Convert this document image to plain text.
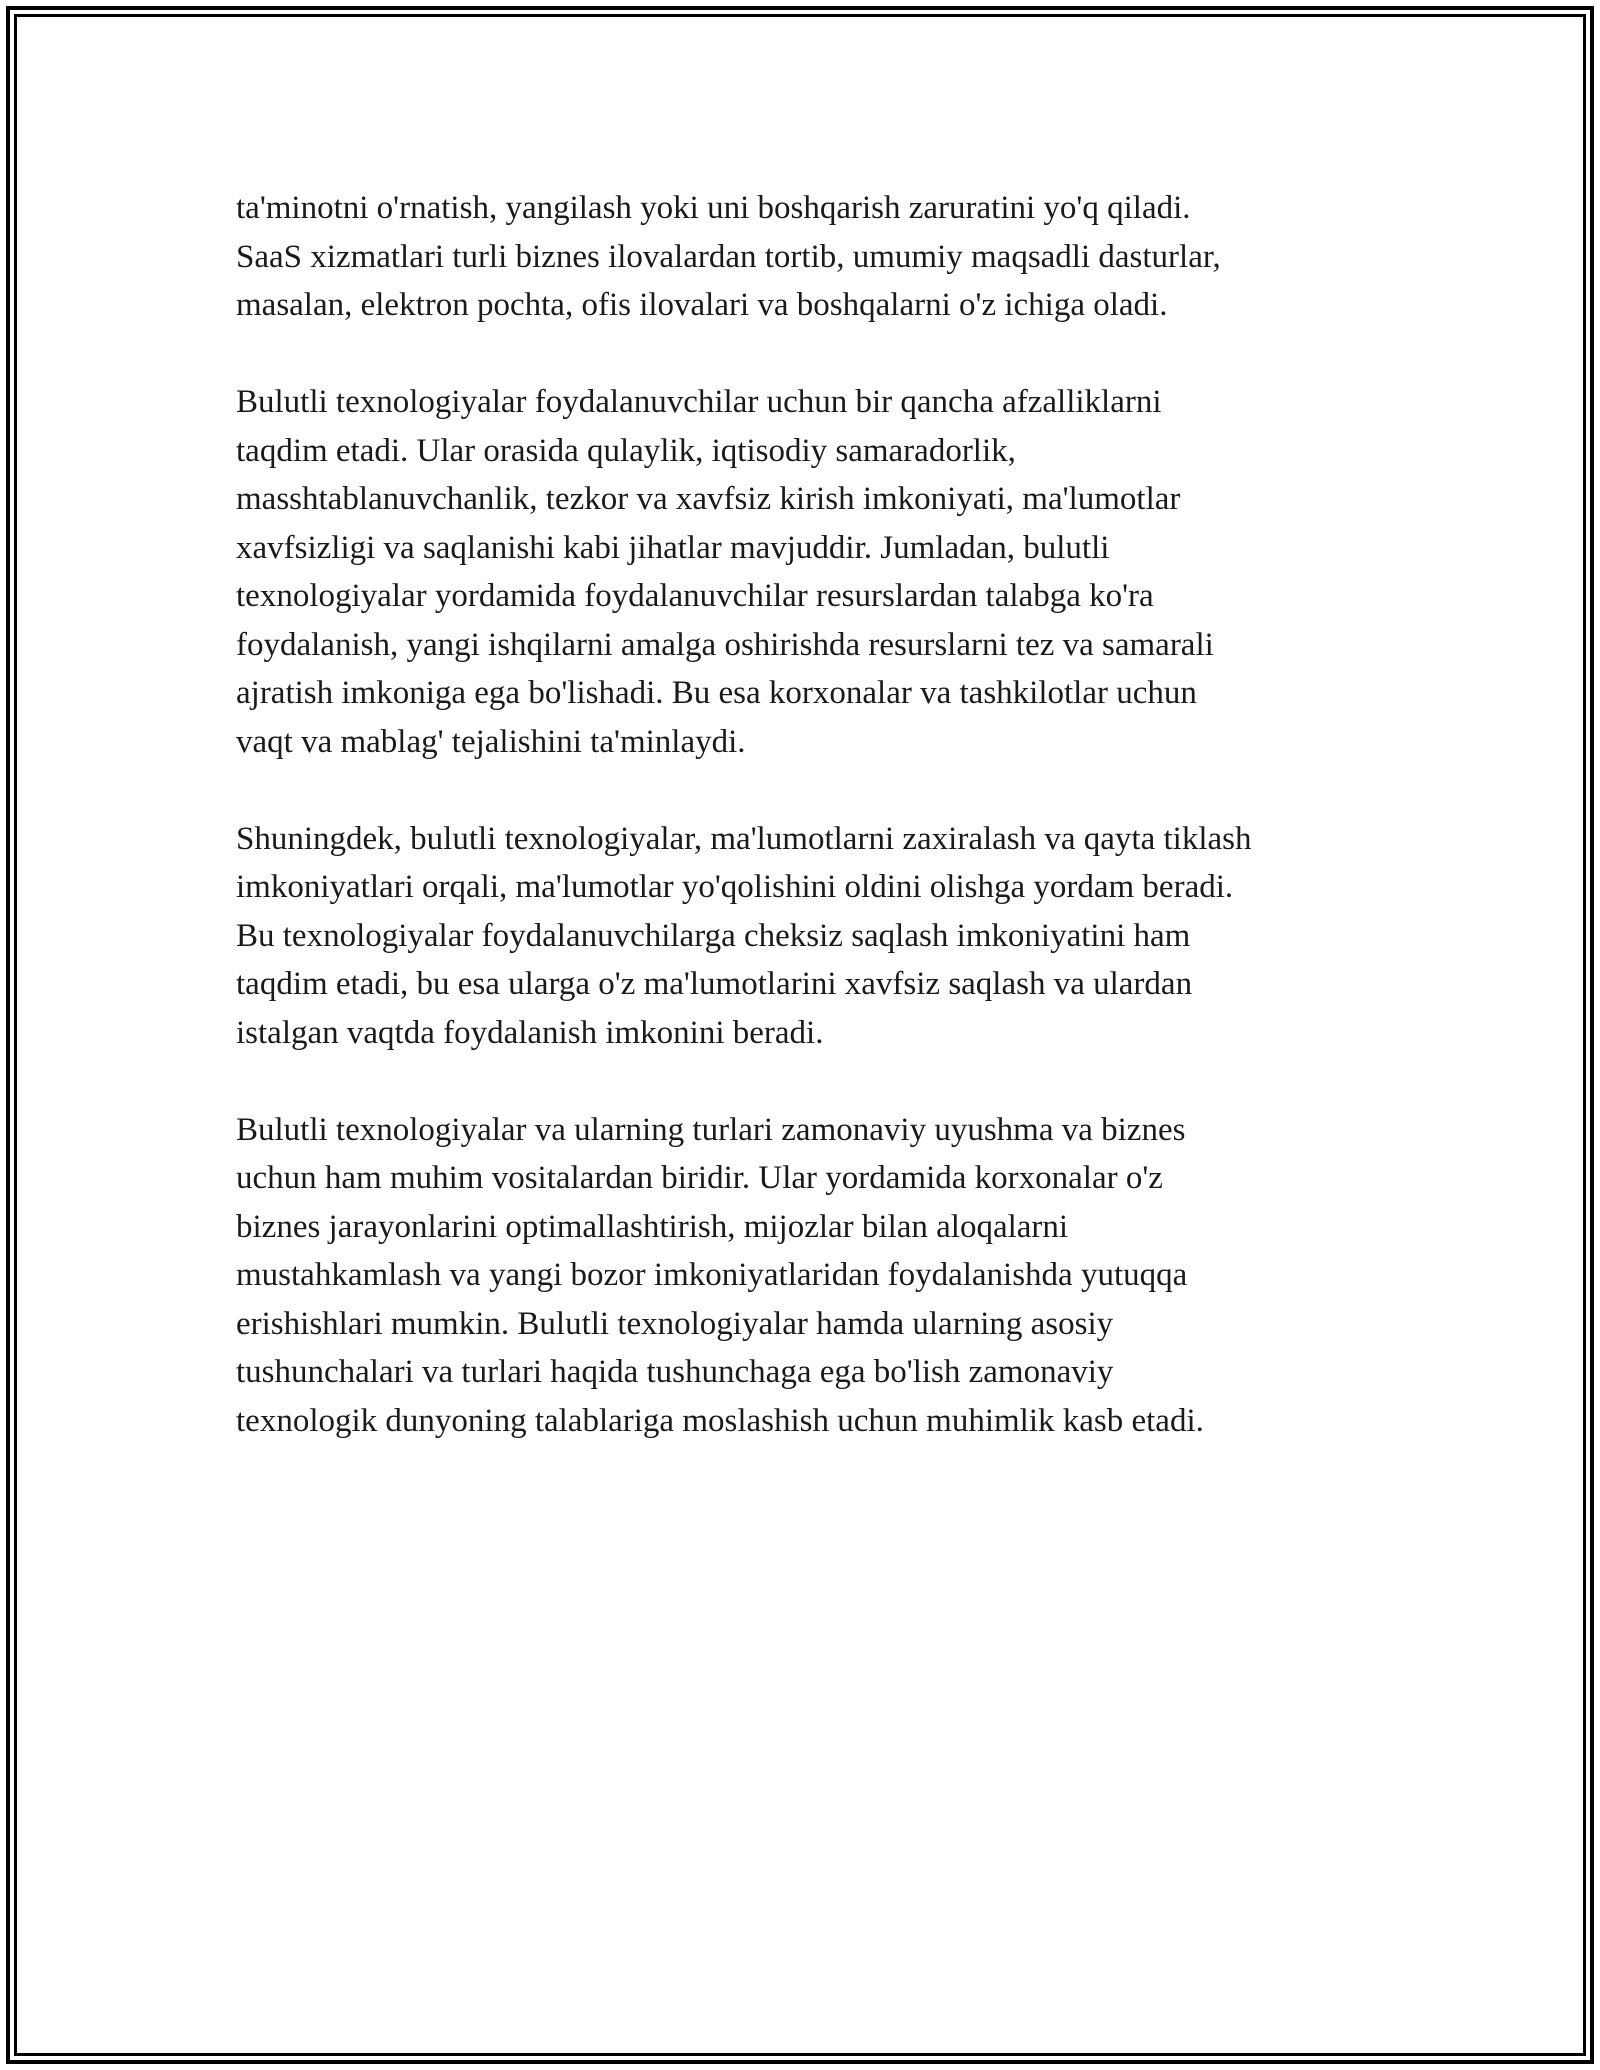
ta'minotni o'rnatish, yangilash yoki uni boshqarish zaruratini yo'q qiladi.
SaaS xizmatlari turli biznes ilovalardan tortib, umumiy maqsadli dasturlar,
masalan, elektron pochta, ofis ilovalari va boshqalarni o'z ichiga oladi.

Bulutli texnologiyalar foydalanuvchilar uchun bir qancha afzalliklarni
taqdim etadi. Ular orasida qulaylik, iqtisodiy samaradorlik,
masshtablanuvchanlik, tezkor va xavfsiz kirish imkoniyati, ma'lumotlar
xavfsizligi va saqlanishi kabi jihatlar mavjuddir. Jumladan, bulutli
texnologiyalar yordamida foydalanuvchilar resurslardan talabga ko'ra
foydalanish, yangi ishqilarni amalga oshirishda resurslarni tez va samarali
ajratish imkoniga ega bo'lishadi. Bu esa korxonalar va tashkilotlar uchun
vaqt va mablag' tejalishini ta'minlaydi.

Shuningdek, bulutli texnologiyalar, ma'lumotlarni zaxiralash va qayta tiklash
imkoniyatlari orqali, ma'lumotlar yo'qolishini oldini olishga yordam beradi.
Bu texnologiyalar foydalanuvchilarga cheksiz saqlash imkoniyatini ham
taqdim etadi, bu esa ularga o'z ma'lumotlarini xavfsiz saqlash va ulardan
istalgan vaqtda foydalanish imkonini beradi.

Bulutli texnologiyalar va ularning turlari zamonaviy uyushma va biznes
uchun ham muhim vositalardan biridir. Ular yordamida korxonalar o'z
biznes jarayonlarini optimallashtirish, mijozlar bilan aloqalarni
mustahkamlash va yangi bozor imkoniyatlaridan foydalanishda yutuqqa
erishishlari mumkin. Bulutli texnologiyalar hamda ularning asosiy
tushunchalari va turlari haqida tushunchaga ega bo'lish zamonaviy
texnologik dunyoning talablariga moslashish uchun muhimlik kasb etadi.
